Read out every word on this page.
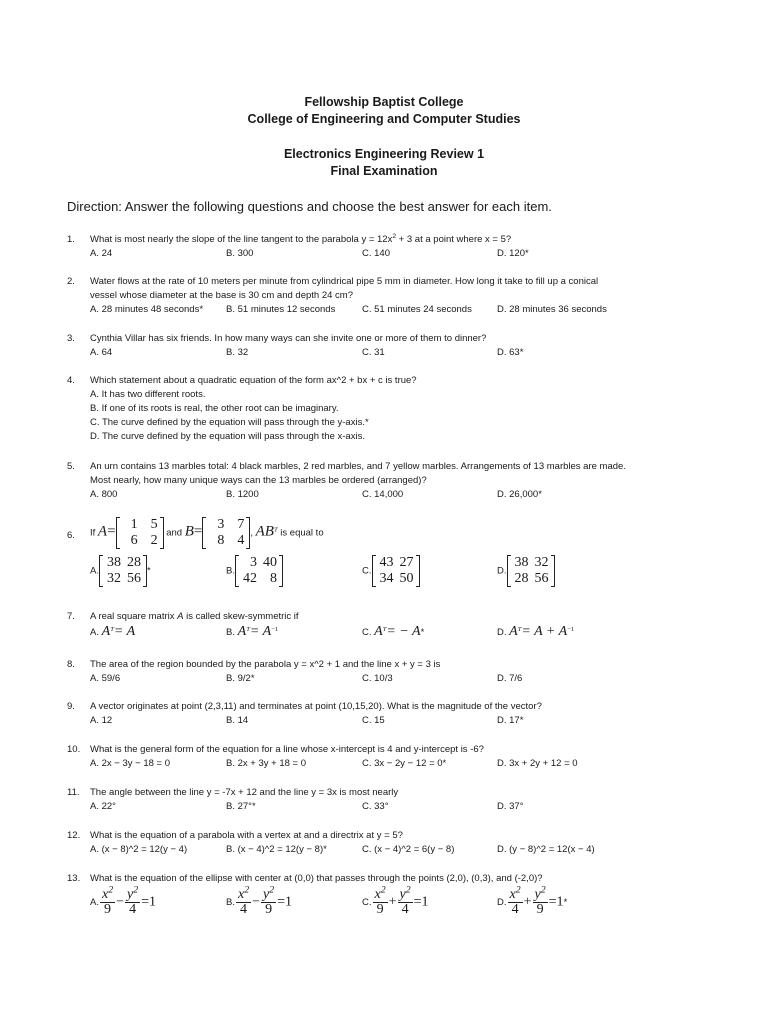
Fellowship Baptist College
College of Engineering and Computer Studies
Electronics Engineering Review 1
Final Examination
Direction: Answer the following questions and choose the best answer for each item.
1.	What is most nearly the slope of the line tangent to the parabola $y = 12x^2 + 3$ at a point where x = 5?
A. 24	B. 300	C. 140	D. 120*
2.	Water flows at the rate of 10 meters per minute from cylindrical pipe 5 mm in diameter. How long it take to fill up a conical
vessel whose diameter at the base is 30 cm and depth 24 cm?
A. 28 minutes 48 seconds* B. 51 minutes 12 seconds	C. 51 minutes 24 seconds	D. 28 minutes 36 seconds
3.	Cynthia Villar has six friends. In how many ways can she invite one or more of them to dinner?
A. 64	B. 32	C. 31	D. 63*
4.	Which statement about a quadratic equation of the form ax^2 + bx + c is true?
A. It has two different roots.
B. If one of its roots is real, the other root can be imaginary.
C. The curve defined by the equation will pass through the y-axis.*
D. The curve defined by the equation will pass through the x-axis.
5.	An urn contains 13 marbles total: 4 black marbles, 2 red marbles, and 7 yellow marbles. Arrangements of 13 marbles are made.
Most nearly, how many unique ways can the 13 marbles be ordered (arranged)?
A. 800	B. 1200	C. 14,000	D. 26,000*
6.	If A=	1 5
6 2 and B=	3 7
8 4 , $AB^T$ is equal to
A.
38 28
32 56 *	B.
3 40
42 8	C.
43 27
34 50	D.
38 32
28 56
7.	A real square matrix A is called skew-symmetric if
A. $A^T= A$	B. $A^T= A^{-1}$	C. $A^T= - A*$	D. $A^T= A + A^{-1}$
8.	The area of the region bounded by the parabola y = x^2 + 1 and the line x + y = 3 is
A. 59/6	B. 9/2*	C. 10/3	D. 7/6
9.	A vector originates at point (2,3,11) and terminates at point (10,15,20). What is the magnitude of the vector?
A. 12	B. 14	C. 15	D. 17*
10.	What is the general form of the equation for a line whose x-intercept is 4 and y-intercept is -6?
A. 2x − 3y − 18 = 0	B. 2x + 3y + 18 = 0	C. 3x − 2y − 12 = 0*	D. 3x + 2y + 12 = 0
11.	The angle between the line y = -7x + 12 and the line y = 3x is most nearly
A. 22°	B. 27°*	C. 33°	D. 37°
12.	What is the equation of a parabola with a vertex at and a directrix at y = 5?
A. (x − 8)^2 = 12(y − 4)	B. (x − 4)^2 = 12(y − 8)*	C. (x − 4)^2 = 6(y − 8)	D. (y − 8)^2 = 12(x − 4)
13.	What is the equation of the ellipse with center at (0,0) that passes through the points (2,0), (0,3), and (-2,0)?
A. $\frac{x^2}{9} - \frac{y^2}{4} =1$	B. $\frac{x^2}{4} - \frac{y^2}{9} =1$	C. $\frac{x^2}{9} + \frac{y^2}{4} =1$	D. $\frac{x^2}{4} + \frac{y^2}{9} =1*$
